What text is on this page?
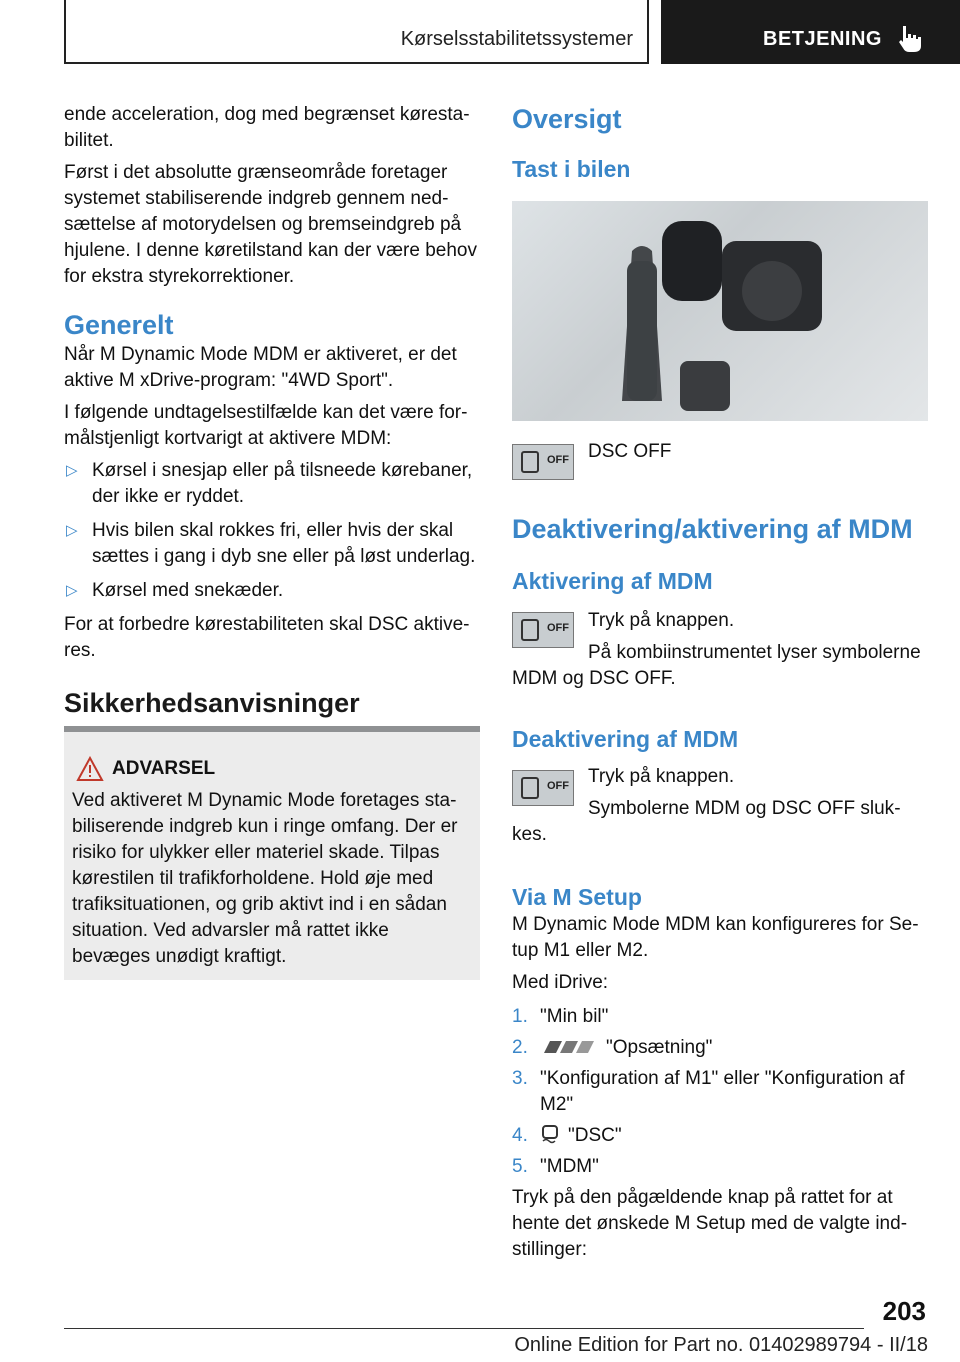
Kørselsstabilitetssystemer	BETJENING

ende acceleration, dog med begrænset kørestabilitet.

Først i det absolutte grænseområde foretager systemet stabiliserende indgreb gennem nedsættelse af motorydelsen og bremseindgreb på hjulene. I denne køretilstand kan der være behov for ekstra styrekorrektioner.

Generelt

Når M Dynamic Mode MDM er aktiveret, er det aktive M xDrive-program: "4WD Sport".

I følgende undtagelsestilfælde kan det være formålstjenligt kortvarigt at aktivere MDM:

▷ Kørsel i snesjap eller på tilsneede kørebaner, der ikke er ryddet.
▷ Hvis bilen skal rokkes fri, eller hvis der skal sættes i gang i dyb sne eller på løst underlag.
▷ Kørsel med snekæder.

For at forbedre kørestabiliteten skal DSC aktiveres.

Sikkerhedsanvisninger
ADVARSEL
Ved aktiveret M Dynamic Mode foretages stabiliserende indgreb kun i ringe omfang. Der er risiko for ulykker eller materiel skade. Tilpas kørestilen til trafikforholdene. Hold øje med trafiksituationen, og grib aktivt ind i en sådan situation. Ved advarsler må rattet ikke bevæges unødigt kraftigt.
Oversigt
Tast i bilen
OFF DSC OFF
Deaktivering/aktivering af MDM
Aktivering af MDM
OFF Tryk på knappen.

På kombiinstrumentet lyser symbolerne MDM og DSC OFF.

Deaktivering af MDM
OFF Tryk på knappen.

Symbolerne MDM og DSC OFF slukkes.

Via M Setup

M Dynamic Mode MDM kan konfigureres for Setup M1 eller M2.

Med iDrive:

1. "Min bil"
2.	"Opsætning"
3. "Konfiguration af M1" eller "Konfiguration af M2"
4. "DSC"
5. "MDM"

Tryk på den pågældende knap på rattet for at hente det ønskede M Setup med de valgte indstillinger:

203
Online Edition for Part no. 01402989794 - II/18
